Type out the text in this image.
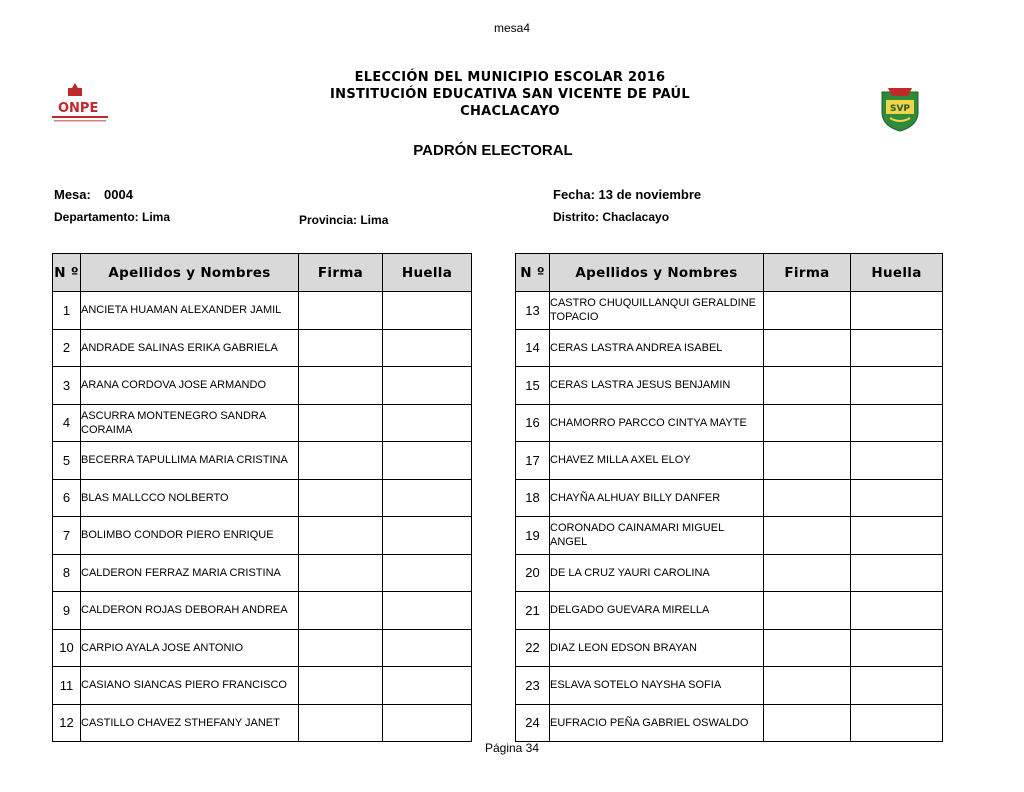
mesa4
ONPE
ELECCIÓN DEL MUNICIPIO ESCOLAR 2016
INSTITUCIÓN EDUCATIVA SAN VICENTE DE PAÚL
CHACLACAYO	SVP
PADRÓN ELECTORAL
Mesa: 0004	Fecha: 13 de noviembre
Departamento: Lima	Provincia: Lima	Distrito: Chaclacayo
N º	Apellidos y Nombres	Firma	Huella
1	ANCIETA HUAMAN ALEXANDER JAMIL		
2	ANDRADE SALINAS ERIKA GABRIELA		
3	ARANA CORDOVA JOSE ARMANDO		
4	ASCURRA MONTENEGRO SANDRA CORAIMA		
5	BECERRA TAPULLIMA MARIA CRISTINA		
6	BLAS MALLCCO NOLBERTO		
7	BOLIMBO CONDOR PIERO ENRIQUE		
8	CALDERON FERRAZ MARIA CRISTINA		
9	CALDERON ROJAS DEBORAH ANDREA		
10	CARPIO AYALA JOSE ANTONIO		
11	CASIANO SIANCAS PIERO FRANCISCO		
12	CASTILLO CHAVEZ STHEFANY JANET		
N º	Apellidos y Nombres	Firma	Huella
13	CASTRO CHUQUILLANQUI GERALDINE TOPACIO		
14	CERAS LASTRA ANDREA ISABEL		
15	CERAS LASTRA JESUS BENJAMIN		
16	CHAMORRO PARCCO CINTYA MAYTE		
17	CHAVEZ MILLA AXEL ELOY		
18	CHAYÑA ALHUAY BILLY DANFER		
19	CORONADO CAINAMARI MIGUEL ANGEL		
20	DE LA CRUZ YAURI CAROLINA		
21	DELGADO GUEVARA MIRELLA		
22	DIAZ LEON EDSON BRAYAN		
23	ESLAVA SOTELO NAYSHA SOFIA		
24	EUFRACIO PEÑA GABRIEL OSWALDO		
Página 34
